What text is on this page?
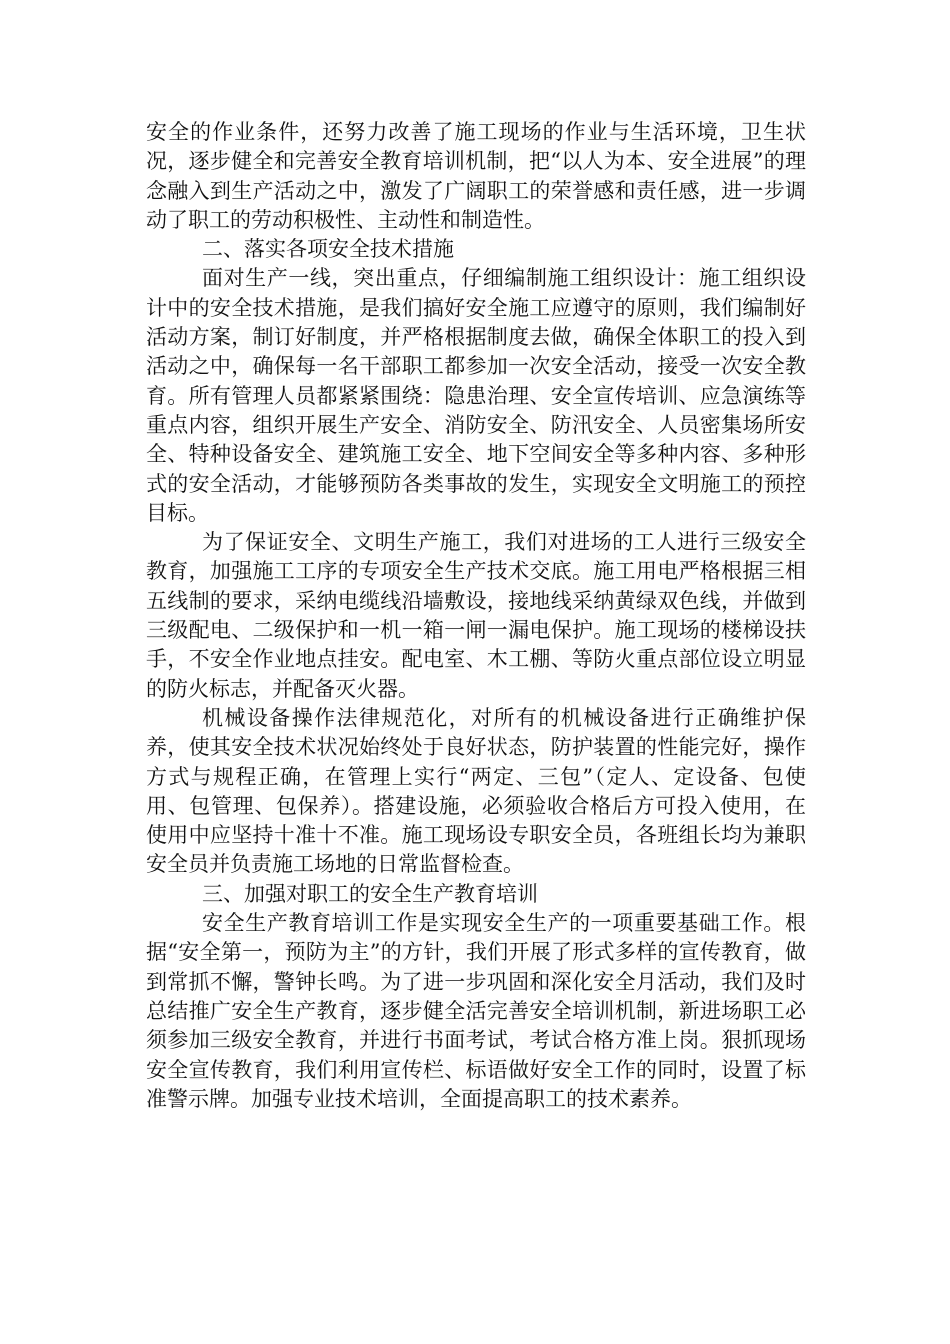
安全的作业条件，还努力改善了施工现场的作业与生活环境，卫生状况，逐步健全和完善安全教育培训机制，把“以人为本、安全进展”的理念融入到生产活动之中，激发了广阔职工的荣誉感和责任感，进一步调动了职工的劳动积极性、主动性和制造性。

二、落实各项安全技术措施

面对生产一线，突出重点，仔细编制施工组织设计：施工组织设计中的安全技术措施，是我们搞好安全施工应遵守的原则，我们编制好活动方案，制订好制度，并严格根据制度去做，确保全体职工的投入到活动之中，确保每一名干部职工都参加一次安全活动，接受一次安全教育。所有管理人员都紧紧围绕：隐患治理、安全宣传培训、应急演练等重点内容，组织开展生产安全、消防安全、防汛安全、人员密集场所安全、特种设备安全、建筑施工安全、地下空间安全等多种内容、多种形式的安全活动，才能够预防各类事故的发生，实现安全文明施工的预控目标。

为了保证安全、文明生产施工，我们对进场的工人进行三级安全教育，加强施工工序的专项安全生产技术交底。施工用电严格根据三相五线制的要求，采纳电缆线沿墙敷设，接地线采纳黄绿双色线，并做到三级配电、二级保护和一机一箱一闸一漏电保护。施工现场的楼梯设扶手，不安全作业地点挂安。配电室、木工棚、等防火重点部位设立明显的防火标志，并配备灭火器。

机械设备操作法律规范化，对所有的机械设备进行正确维护保养，使其安全技术状况始终处于良好状态，防护装置的性能完好，操作方式与规程正确，在管理上实行“两定、三包”（定人、定设备、包使用、包管理、包保养）。搭建设施，必须验收合格后方可投入使用，在使用中应坚持十准十不准。施工现场设专职安全员，各班组长均为兼职安全员并负责施工场地的日常监督检查。

三、加强对职工的安全生产教育培训

安全生产教育培训工作是实现安全生产的一项重要基础工作。根据“安全第一，预防为主”的方针，我们开展了形式多样的宣传教育，做到常抓不懈，警钟长鸣。为了进一步巩固和深化安全月活动，我们及时总结推广安全生产教育，逐步健全活完善安全培训机制，新进场职工必须参加三级安全教育，并进行书面考试，考试合格方准上岗。狠抓现场安全宣传教育，我们利用宣传栏、标语做好安全工作的同时，设置了标准警示牌。加强专业技术培训，全面提高职工的技术素养。
